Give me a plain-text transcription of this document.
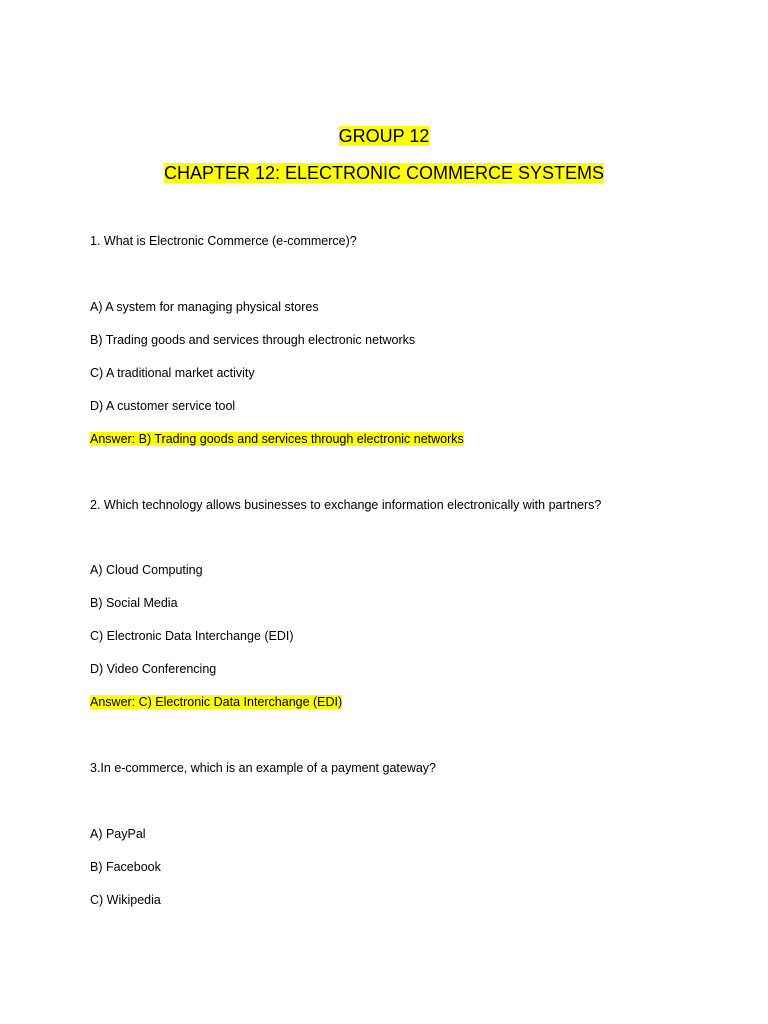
GROUP 12
CHAPTER 12: ELECTRONIC COMMERCE SYSTEMS
1. What is Electronic Commerce (e-commerce)?
A) A system for managing physical stores
B) Trading goods and services through electronic networks
C) A traditional market activity
D) A customer service tool
Answer: B) Trading goods and services through electronic networks
2. Which technology allows businesses to exchange information electronically with partners?
A) Cloud Computing
B) Social Media
C) Electronic Data Interchange (EDI)
D) Video Conferencing
Answer: C) Electronic Data Interchange (EDI)
3.In e-commerce, which is an example of a payment gateway?
A) PayPal
B) Facebook
C) Wikipedia
